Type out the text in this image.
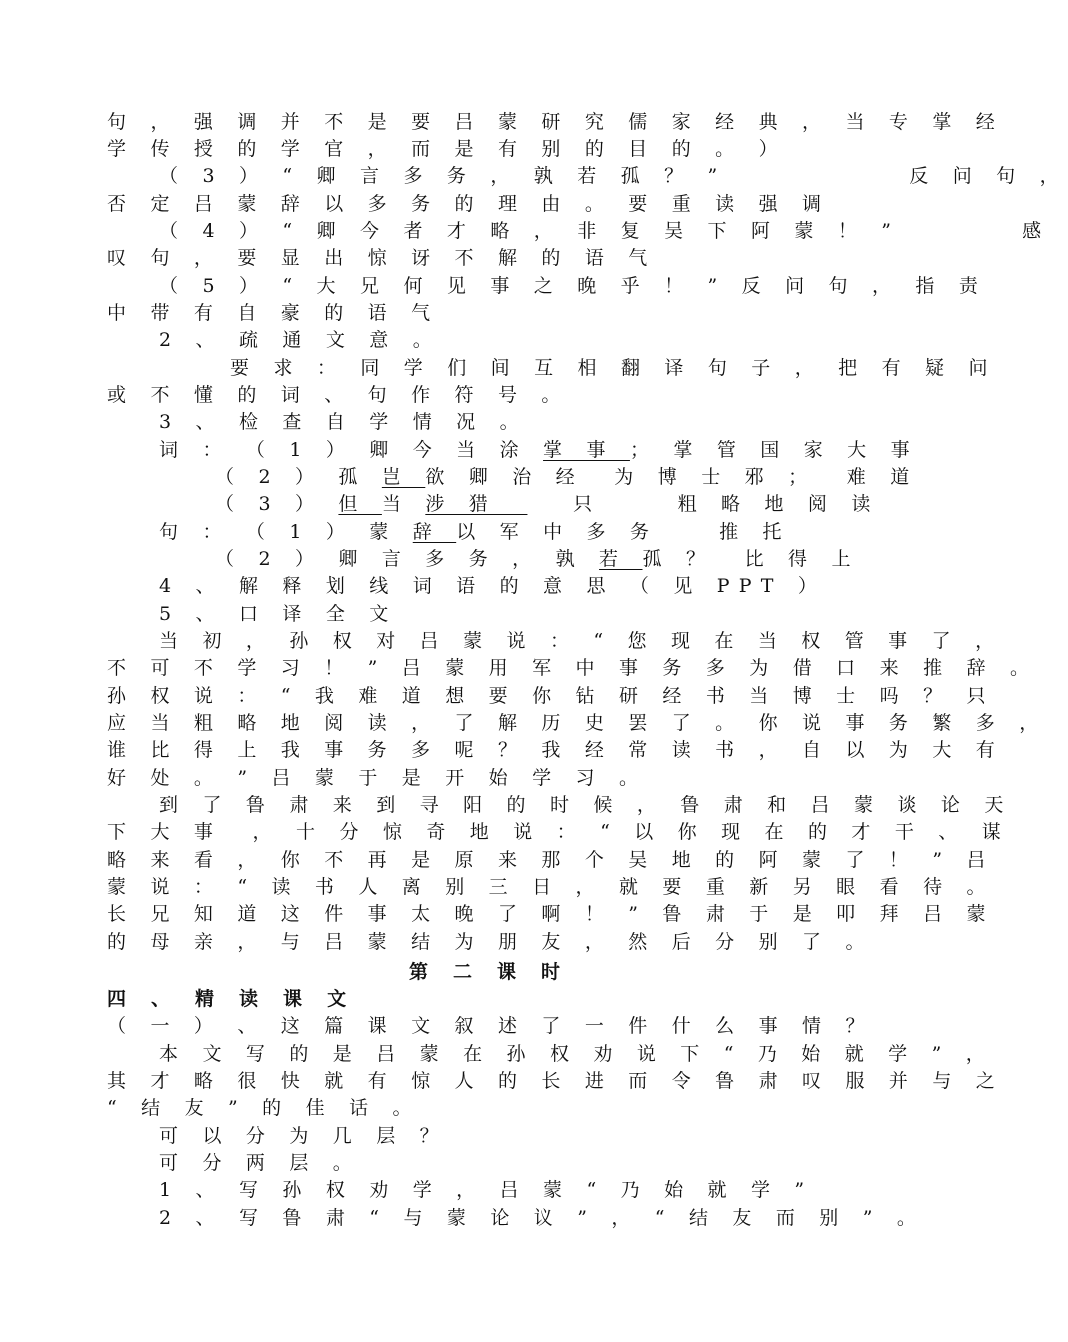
句 ， 强 调 并 不 是 要 吕 蒙 研 究 儒 家 经 典 ， 当 专 掌 经
学 传 授 的 学 官 ， 而 是 有 别 的 目 的 。 ）
（ 3 ） “ 卿 言 多 务 ， 孰 若 孤 ？ ”            反 问 句 ，
否 定 吕 蒙 辞 以 多 务 的 理 由 。 要 重 读 强 调
（ 4 ） “ 卿 今 者 才 略 ， 非 复 吴 下 阿 蒙 ！ ”        感
叹 句 ， 要 显 出 惊 讶 不 解 的 语 气
（ 5 ） “ 大 兄 何 见 事 之 晚 乎 ！ ” 反 问 句 ， 指 责
中 带 有 自 豪 的 语 气
2 、 疏 通 文 意 。
要 求 ： 同 学 们 间 互 相 翻 译 句 子 ， 把 有 疑 问
或 不 懂 的 词 、 句 作 符 号 。
3 、 检 查 自 学 情 况 。
词 ： （ 1 ） 卿 今 当 涂 掌 事 ； 掌 管 国 家 大 事
（ 2 ） 孤 岂 欲 卿 治 经  为 博 士 邪 ；  难 道
（ 3 ） 但 当 涉 猎     只     粗 略 地 阅 读
句 ： （ 1 ） 蒙 辞 以 军 中 多 务    推 托
（ 2 ） 卿 言 多 务 ， 孰 若 孤 ？  比 得 上
4 、 解 释 划 线 词 语 的 意 思 （ 见 PPT ）
5 、 口 译 全 文
当 初 ， 孙 权 对 吕 蒙 说 ： “ 您 现 在 当 权 管 事 了 ，
不 可 不 学 习 ！ ” 吕 蒙 用 军 中 事 务 多 为 借 口 来 推 辞 。
孙 权 说 ： “ 我 难 道 想 要 你 钻 研 经 书 当 博 士 吗 ？ 只
应 当 粗 略 地 阅 读 ， 了 解 历 史 罢 了 。 你 说 事 务 繁 多 ，
谁 比 得 上 我 事 务 多 呢 ？ 我 经 常 读 书 ， 自 以 为 大 有
好 处 。 ” 吕 蒙 于 是 开 始 学 习 。
到 了 鲁 肃 来 到 寻 阳 的 时 候 ， 鲁 肃 和 吕 蒙 谈 论 天
下 大 事  ， 十 分 惊 奇 地 说 ： “ 以 你 现 在 的 才 干 、 谋
略 来 看 ， 你 不 再 是 原 来 那 个 吴 地 的 阿 蒙 了 ！ ” 吕
蒙 说 ： “ 读 书 人 离 别 三 日 ， 就 要 重 新 另 眼 看 待 。
长 兄 知 道 这 件 事 太 晚 了 啊 ！ ” 鲁 肃 于 是 叩 拜 吕 蒙
的 母 亲 ， 与 吕 蒙 结 为 朋 友 ， 然 后 分 别 了 。
第 二 课 时
四 、 精 读 课 文
（ 一 ） 、 这 篇 课 文 叙 述 了 一 件 什 么 事 情 ？
本 文 写 的 是 吕 蒙 在 孙 权 劝 说 下 “ 乃 始 就 学 ” ，
其 才 略 很 快 就 有 惊 人 的 长 进 而 令 鲁 肃 叹 服 并 与 之
“ 结 友 ” 的 佳 话 。
可 以 分 为 几 层 ？
可 分 两 层 。
1 、 写 孙 权 劝 学 ， 吕 蒙 “ 乃 始 就 学 ”
2 、 写 鲁 肃 “ 与 蒙 论 议 ” ， “ 结 友 而 别 ” 。
